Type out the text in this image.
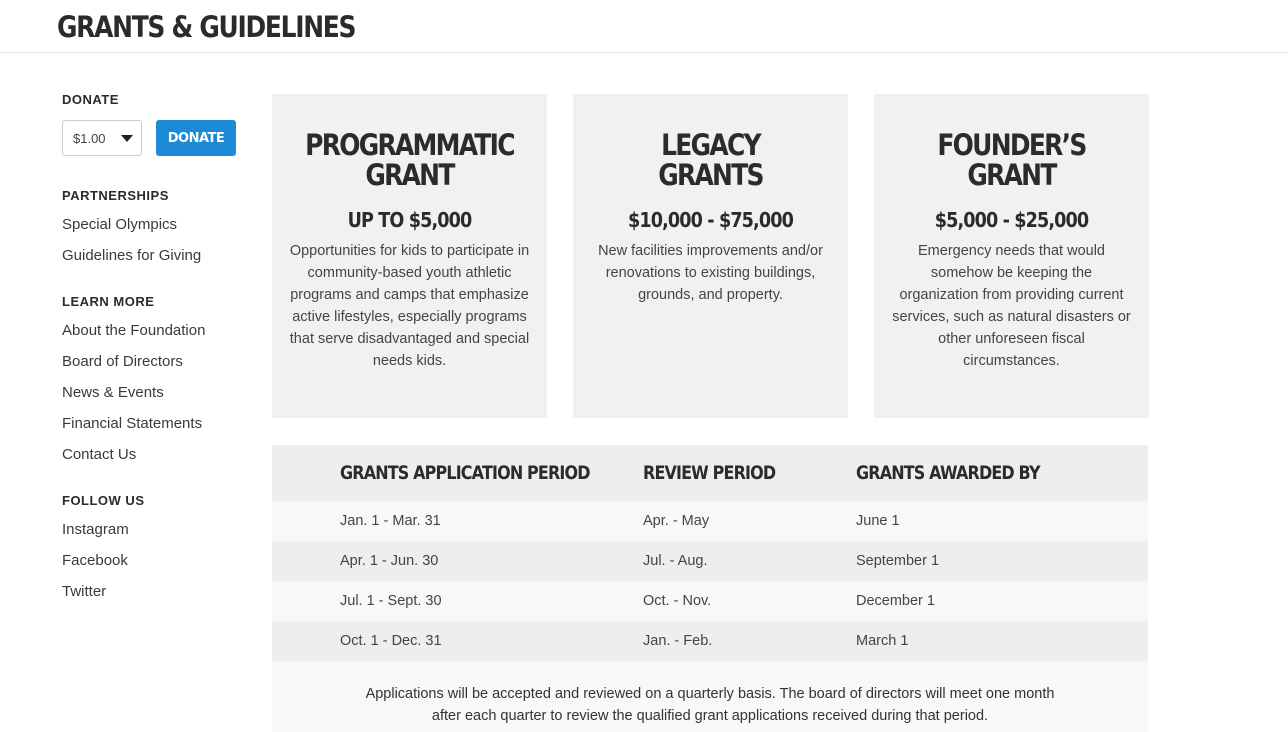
GRANTS & GUIDELINES
DONATE
$1.00	DONATE
PARTNERSHIPS
Special Olympics
Guidelines for Giving
LEARN MORE
About the Foundation
Board of Directors
News & Events
Financial Statements
Contact Us
FOLLOW US
Instagram
Facebook
Twitter
PROGRAMMATIC
GRANT
UP TO $5,000
Opportunities for kids to participate in community-based youth athletic programs and camps that emphasize active lifestyles, especially programs that serve disadvantaged and special needs kids.
LEGACY
GRANTS
$10,000 - $75,000
New facilities improvements and/or renovations to existing buildings, grounds, and property.
FOUNDER’S
GRANT
$5,000 - $25,000
Emergency needs that would somehow be keeping the organization from providing current services, such as natural disasters or other unforeseen fiscal circumstances.
GRANTS APPLICATION PERIOD	REVIEW PERIOD	GRANTS AWARDED BY
Jan. 1 - Mar. 31	Apr. - May	June 1
Apr. 1 - Jun. 30	Jul. - Aug.	September 1
Jul. 1 - Sept. 30	Oct. - Nov.	December 1
Oct. 1 - Dec. 31	Jan. - Feb.	March 1
Applications will be accepted and reviewed on a quarterly basis. The board of directors will meet one month
after each quarter to review the qualified grant applications received during that period.
